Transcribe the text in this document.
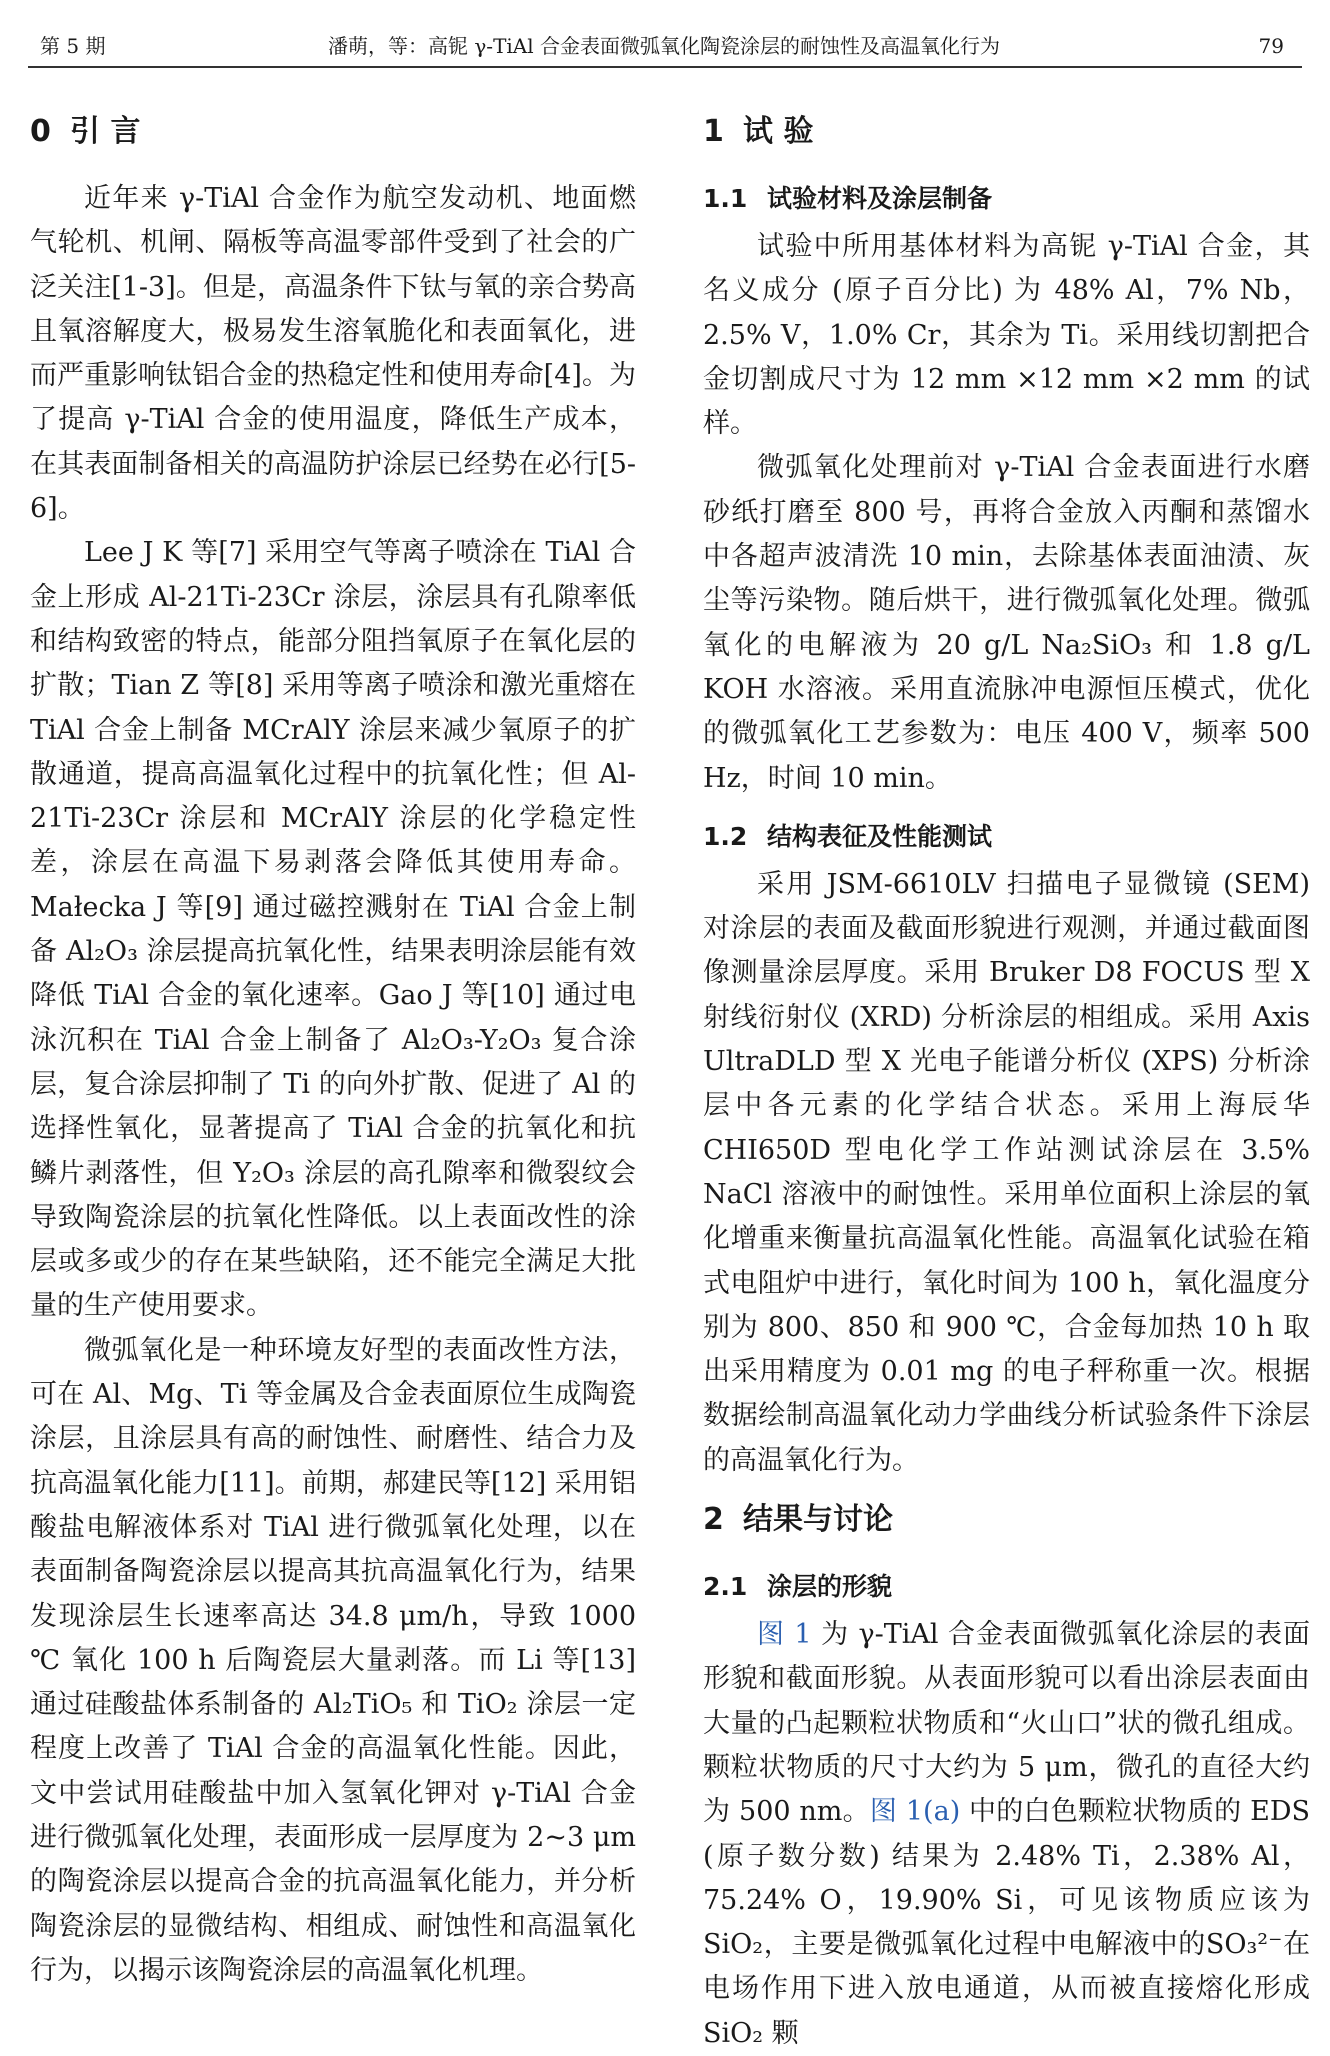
第 5 期	潘萌，等：高铌 γ-TiAl 合金表面微弧氧化陶瓷涂层的耐蚀性及高温氧化行为	79
0 引 言

近年来 γ-TiAl 合金作为航空发动机、地面燃气轮机、机闸、隔板等高温零部件受到了社会的广泛关注[1-3]。但是，高温条件下钛与氧的亲合势高且氧溶解度大，极易发生溶氧脆化和表面氧化，进而严重影响钛铝合金的热稳定性和使用寿命[4]。为了提高 γ-TiAl 合金的使用温度，降低生产成本，在其表面制备相关的高温防护涂层已经势在必行[5-6]。

Lee J K 等[7] 采用空气等离子喷涂在 TiAl 合金上形成 Al-21Ti-23Cr 涂层，涂层具有孔隙率低和结构致密的特点，能部分阻挡氧原子在氧化层的扩散；Tian Z 等[8] 采用等离子喷涂和激光重熔在 TiAl 合金上制备 MCrAlY 涂层来减少氧原子的扩散通道，提高高温氧化过程中的抗氧化性；但 Al-21Ti-23Cr 涂层和 MCrAlY 涂层的化学稳定性差，涂层在高温下易剥落会降低其使用寿命。Małecka J 等[9] 通过磁控溅射在 TiAl 合金上制备 Al₂O₃ 涂层提高抗氧化性，结果表明涂层能有效降低 TiAl 合金的氧化速率。Gao J 等[10] 通过电泳沉积在 TiAl 合金上制备了 Al₂O₃-Y₂O₃ 复合涂层，复合涂层抑制了 Ti 的向外扩散、促进了 Al 的选择性氧化，显著提高了 TiAl 合金的抗氧化和抗鳞片剥落性，但 Y₂O₃ 涂层的高孔隙率和微裂纹会导致陶瓷涂层的抗氧化性降低。以上表面改性的涂层或多或少的存在某些缺陷，还不能完全满足大批量的生产使用要求。

微弧氧化是一种环境友好型的表面改性方法，可在 Al、Mg、Ti 等金属及合金表面原位生成陶瓷涂层，且涂层具有高的耐蚀性、耐磨性、结合力及抗高温氧化能力[11]。前期，郝建民等[12] 采用铝酸盐电解液体系对 TiAl 进行微弧氧化处理，以在表面制备陶瓷涂层以提高其抗高温氧化行为，结果发现涂层生长速率高达 34.8 μm/h，导致 1000 ℃ 氧化 100 h 后陶瓷层大量剥落。而 Li 等[13] 通过硅酸盐体系制备的 Al₂TiO₅ 和 TiO₂ 涂层一定程度上改善了 TiAl 合金的高温氧化性能。因此，文中尝试用硅酸盐中加入氢氧化钾对 γ-TiAl 合金进行微弧氧化处理，表面形成一层厚度为 2~3 μm 的陶瓷涂层以提高合金的抗高温氧化能力，并分析陶瓷涂层的显微结构、相组成、耐蚀性和高温氧化行为，以揭示该陶瓷涂层的高温氧化机理。

1 试 验
1.1 试验材料及涂层制备

试验中所用基体材料为高铌 γ-TiAl 合金，其名义成分 (原子百分比) 为 48% Al，7% Nb，2.5% V，1.0% Cr，其余为 Ti。采用线切割把合金切割成尺寸为 12 mm ×12 mm ×2 mm 的试样。

微弧氧化处理前对 γ-TiAl 合金表面进行水磨砂纸打磨至 800 号，再将合金放入丙酮和蒸馏水中各超声波清洗 10 min，去除基体表面油渍、灰尘等污染物。随后烘干，进行微弧氧化处理。微弧氧化的电解液为 20 g/L Na₂SiO₃ 和 1.8 g/L KOH 水溶液。采用直流脉冲电源恒压模式，优化的微弧氧化工艺参数为：电压 400 V，频率 500 Hz，时间 10 min。

1.2 结构表征及性能测试

采用 JSM-6610LV 扫描电子显微镜 (SEM) 对涂层的表面及截面形貌进行观测，并通过截面图像测量涂层厚度。采用 Bruker D8 FOCUS 型 X 射线衍射仪 (XRD) 分析涂层的相组成。采用 Axis UltraDLD 型 X 光电子能谱分析仪 (XPS) 分析涂层中各元素的化学结合状态。采用上海辰华 CHI650D 型电化学工作站测试涂层在 3.5% NaCl 溶液中的耐蚀性。采用单位面积上涂层的氧化增重来衡量抗高温氧化性能。高温氧化试验在箱式电阻炉中进行，氧化时间为 100 h，氧化温度分别为 800、850 和 900 ℃，合金每加热 10 h 取出采用精度为 0.01 mg 的电子秤称重一次。根据数据绘制高温氧化动力学曲线分析试验条件下涂层的高温氧化行为。

2 结果与讨论
2.1 涂层的形貌

图 1 为 γ-TiAl 合金表面微弧氧化涂层的表面形貌和截面形貌。从表面形貌可以看出涂层表面由大量的凸起颗粒状物质和“火山口”状的微孔组成。颗粒状物质的尺寸大约为 5 μm，微孔的直径大约为 500 nm。图 1(a) 中的白色颗粒状物质的 EDS (原子数分数) 结果为 2.48% Ti，2.38% Al，75.24% O，19.90% Si，可见该物质应该为 SiO₂，主要是微弧氧化过程中电解液中的SO₃²⁻在电场作用下进入放电通道，从而被直接熔化形成 SiO₂ 颗
